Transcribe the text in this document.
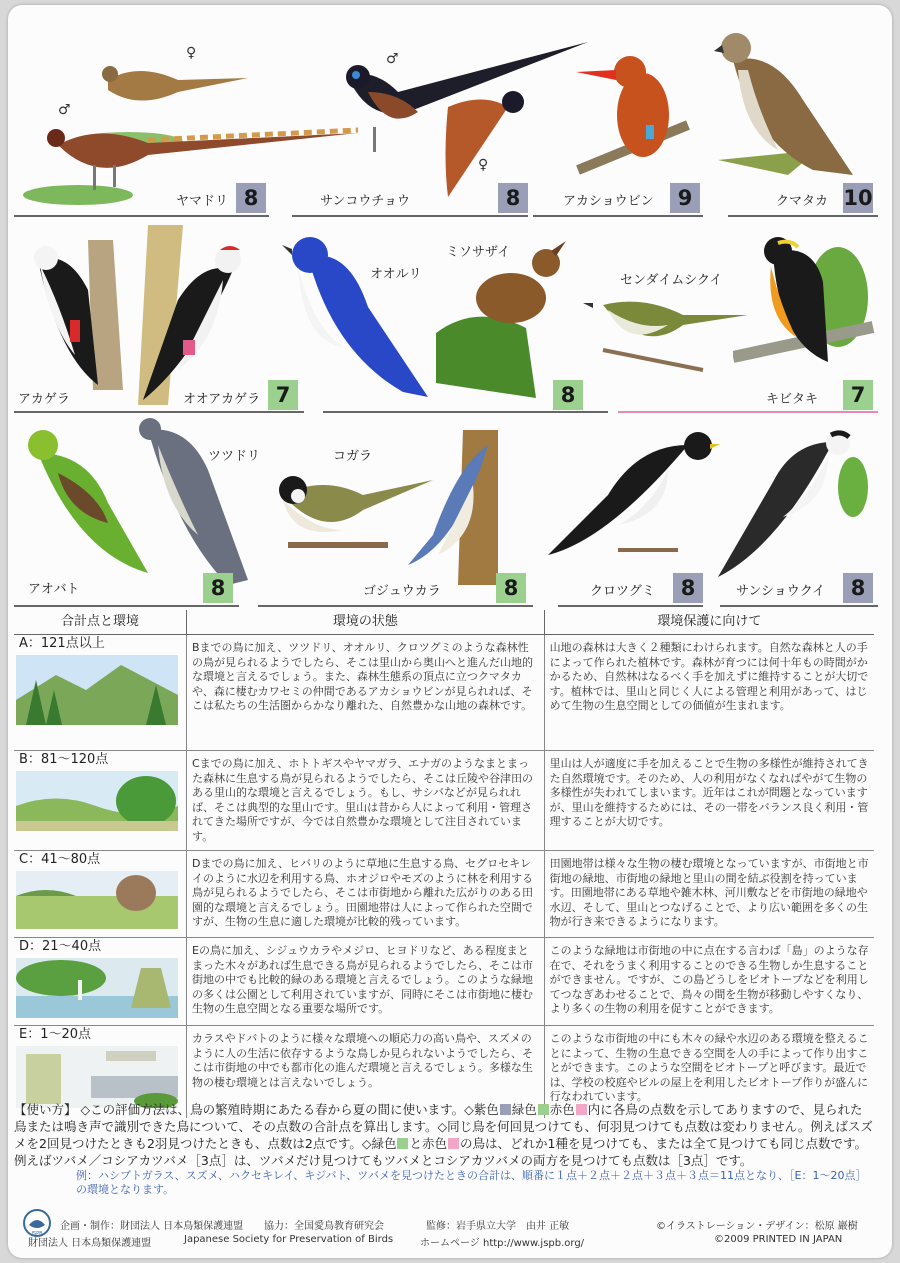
♀
♂
ヤマドリ 8
♂
♀
サンコウチョウ	8	アカショウビン	9	クマタカ 10
アカゲラ	オオアカゲラ 7
オオルリ
ミソサザイ
8
センダイムシクイ
キビタキ	7
アオバト
ツツドリ
8
コガラ
ゴジュウカラ	8	クロツグミ	8	サンショウクイ	8
合計点と環境	環境の状態	環境保護に向けて

A：121点以上	Bまでの鳥に加え、ツツドリ、オオルリ、クロツグミのような森林性の鳥が見られるようでしたら、そこは里山から奥山へと進んだ山地的な環境と言えるでしょう。また、森林生態系の頂点に立つクマタカや、森に棲むカワセミの仲間であるアカショウビンが見られれば、そこは私たちの生活圏からかなり離れた、自然豊かな山地の森林です。	山地の森林は大きく２種類にわけられます。自然な森林と人の手によって作られた植林です。森林が育つには何十年もの時間がかかるため、自然林はなるべく手を加えずに維持することが大切です。植林では、里山と同じく人による管理と利用があって、はじめて生物の生息空間としての価値が生まれます。

B：81〜120点	Cまでの鳥に加え、ホトトギスやヤマガラ、エナガのようなまとまった森林に生息する鳥が見られるようでしたら、そこは丘陵や谷津田のある里山的な環境と言えるでしょう。もし、サシバなどが見られれば、そこは典型的な里山です。里山は昔から人によって利用・管理されてきた場所ですが、今では自然豊かな環境として注目されています。	里山は人が適度に手を加えることで生物の多様性が維持されてきた自然環境です。そのため、人の利用がなくなればやがて生物の多様性が失われてしまいます。近年はこれが問題となっていますが、里山を維持するためには、その一帯をバランス良く利用・管理することが大切です。

C：41〜80点	Dまでの鳥に加え、ヒバリのように草地に生息する鳥、セグロセキレイのように水辺を利用する鳥、ホオジロやモズのように林を利用する鳥が見られるようでしたら、そこは市街地から離れた広がりのある田園的な環境と言えるでしょう。田園地帯は人によって作られた空間ですが、生物の生息に適した環境が比較的残っています。	田園地帯は様々な生物の棲む環境となっていますが、市街地と市街地の緑地、市街地の緑地と里山の間を結ぶ役割を持っています。田園地帯にある草地や雑木林、河川敷などを市街地の緑地や水辺、そして、里山とつなげることで、より広い範囲を多くの生物が行き来できるようになります。

D：21〜40点	Eの鳥に加え、シジュウカラやメジロ、ヒヨドリなど、ある程度まとまった木々があれば生息できる鳥が見られるようでしたら、そこは市街地の中でも比較的緑のある環境と言えるでしょう。このような緑地の多くは公園として利用されていますが、同時にそこは市街地に棲む生物の生息空間となる重要な場所です。	このような緑地は市街地の中に点在する言わば「島」のような存在で、それをうまく利用することのできる生物しか生息することができません。ですが、この島どうしをビオトープなどを利用してつなぎあわせることで、鳥々の間を生物が移動しやすくなり、より多くの生物の利用を促すことができます。

E：1〜20点	カラスやドバトのように様々な環境への順応力の高い鳥や、スズメのように人の生活に依存するような鳥しか見られないようでしたら、そこは市街地の中でも都市化の進んだ環境と言えるでしょう。多様な生物の棲む環境とは言えないでしょう。	このような市街地の中にも木々の緑や水辺のある環境を整えることによって、生物の生息できる空間を人の手によって作り出すことができます。このような空間をビオトープと呼びます。最近では、学校の校庭やビルの屋上を利用したビオトープ作りが盛んに行なわれています。
【使い方】 ◇この評価方法は、鳥の繁殖時期にあたる春から夏の間に使います。◇紫色 緑色 赤色 内に各鳥の点数を示してありますので、見られた鳥または鳴き声で識別できた鳥について、その点数の合計点を算出します。◇同じ鳥を何回見つけても、何羽見つけても点数は変わりません。例えばスズメを2回見つけたときも2羽見つけたときも、点数は2点です。◇緑色 と赤色 の鳥は、どれか1種を見つけても、または全て見つけても同じ点数です。例えばツバメ／コシアカツバメ［3点］は、ツバメだけ見つけてもツバメとコシアカツバメの両方を見つけても点数は［3点］です。
例：ハシブトガラス、スズメ、ハクセキレイ、キジバト、ツバメを見つけたときの合計は、順番に１点＋２点＋２点＋３点＋３点＝11点となり、［E：1〜20点］の環境となります。
JSPB
企画・制作：財団法人 日本鳥類保護連盟 協力：全国愛鳥教育研究会	監修：岩手県立大学　由井 正敏	©イラストレーション・デザイン：松原 巖樹
財団法人 日本鳥類保護連盟	Japanese Society for Preservation of Birds	ホームページ http://www.jspb.org/	©2009 PRINTED IN JAPAN
